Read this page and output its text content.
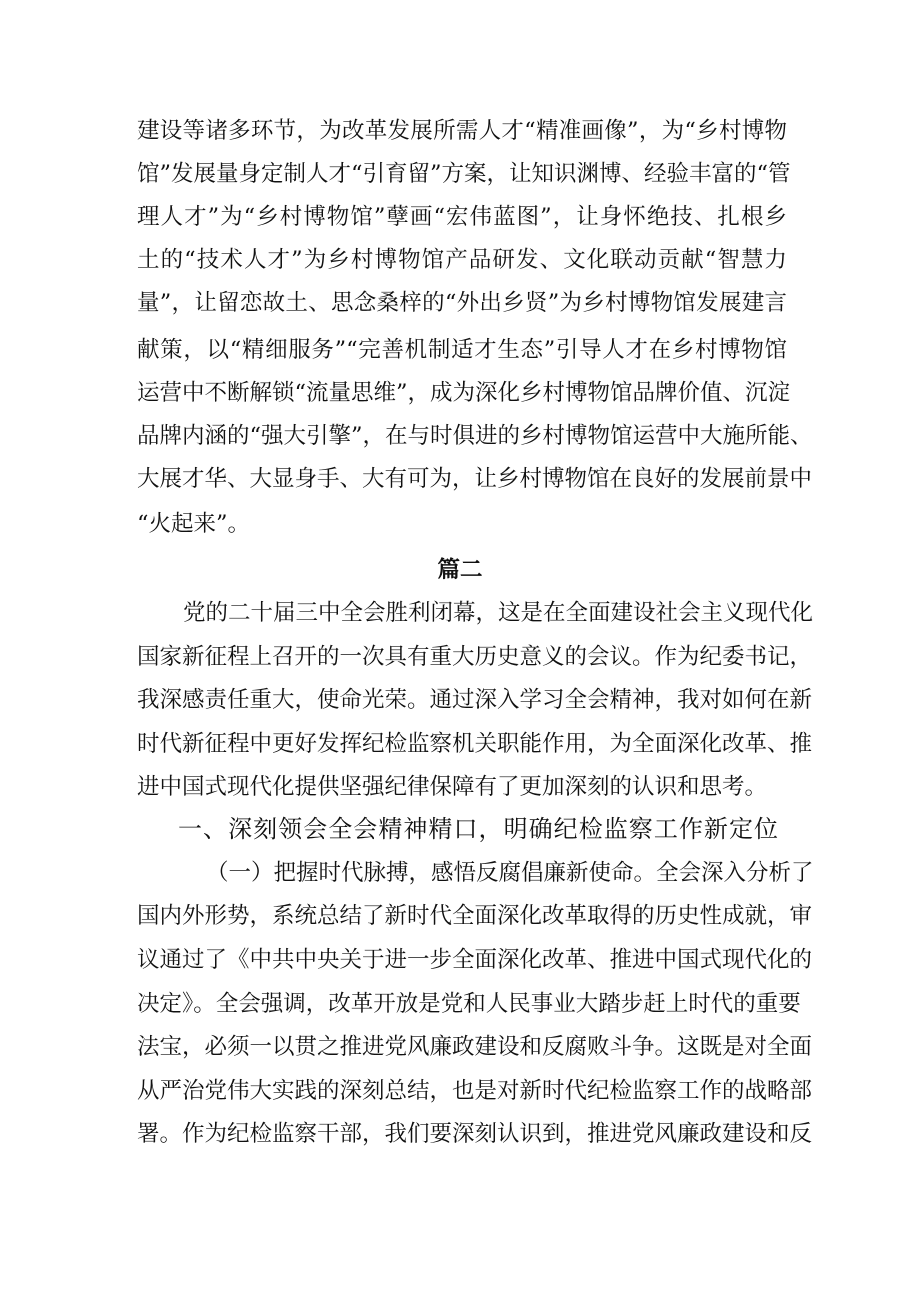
建设等诸多环节，为改革发展所需人才“精准画像”，为“乡村博物
馆”发展量身定制人才“引育留”方案，让知识渊博、经验丰富的“管
理人才”为“乡村博物馆”孽画“宏伟蓝图”，让身怀绝技、扎根乡
土的“技术人才”为乡村博物馆产品研发、文化联动贡献“智慧力
量”，让留恋故土、思念桑梓的“外出乡贤”为乡村博物馆发展建言
献策，以“精细服务”“完善机制适才生态”引导人才在乡村博物馆
运营中不断解锁“流量思维”，成为深化乡村博物馆品牌价值、沉淀
品牌内涵的“强大引擎”，在与时俱进的乡村博物馆运营中大施所能、
大展才华、大显身手、大有可为，让乡村博物馆在良好的发展前景中
“火起来”。
篇二
党的二十届三中全会胜利闭幕，这是在全面建设社会主义现代化
国家新征程上召开的一次具有重大历史意义的会议。作为纪委书记，
我深感责任重大，使命光荣。通过深入学习全会精神，我对如何在新
时代新征程中更好发挥纪检监察机关职能作用，为全面深化改革、推
进中国式现代化提供坚强纪律保障有了更加深刻的认识和思考。
一、深刻领会全会精神精口，明确纪检监察工作新定位
（一）把握时代脉搏，感悟反腐倡廉新使命。全会深入分析了
国内外形势，系统总结了新时代全面深化改革取得的历史性成就，审
议通过了《中共中央关于进一步全面深化改革、推进中国式现代化的
决定》。全会强调，改革开放是党和人民事业大踏步赶上时代的重要
法宝，必须一以贯之推进党风廉政建设和反腐败斗争。这既是对全面
从严治党伟大实践的深刻总结，也是对新时代纪检监察工作的战略部
署。作为纪检监察干部，我们要深刻认识到，推进党风廉政建设和反
